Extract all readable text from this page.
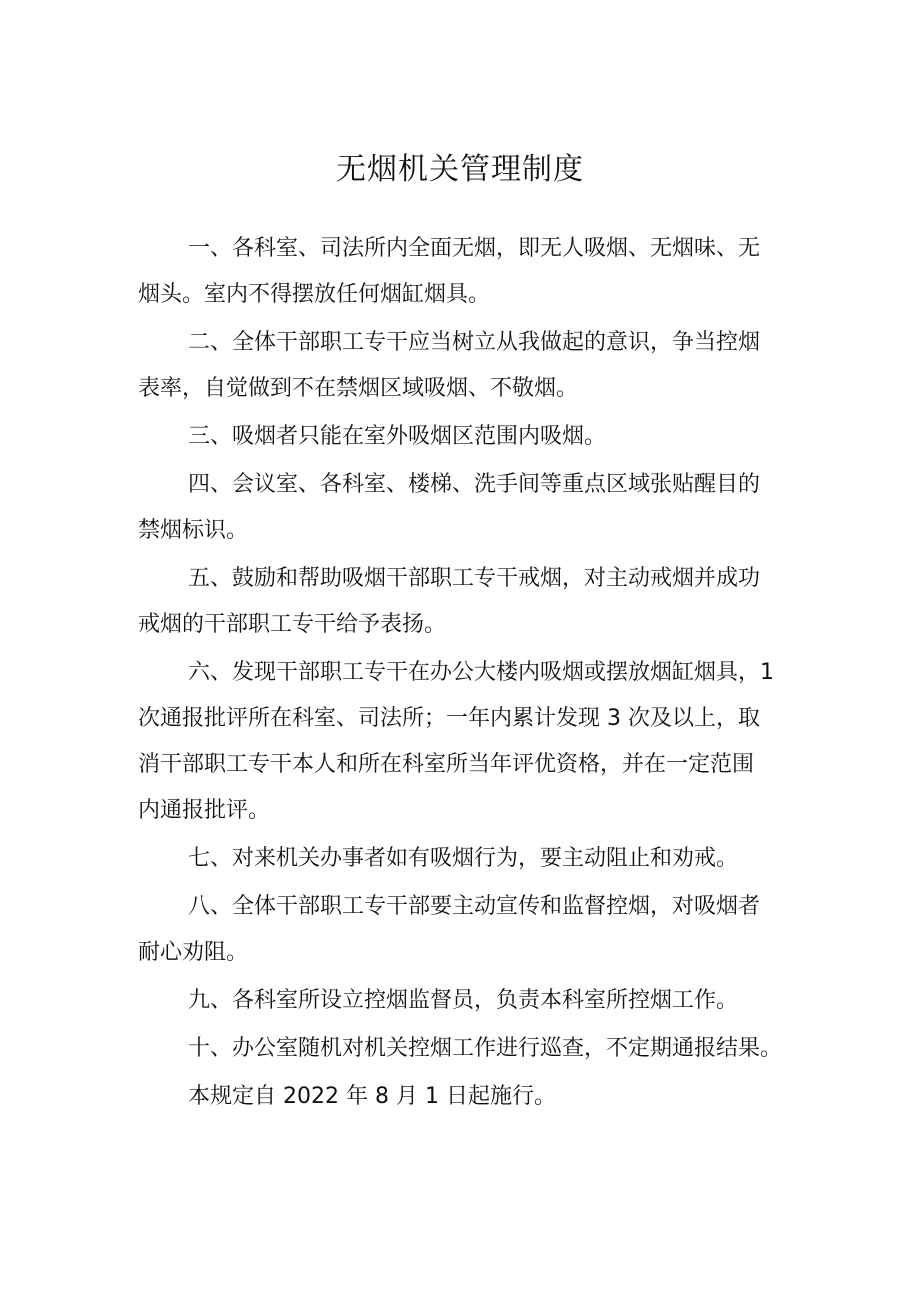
无烟机关管理制度

一、各科室、司法所内全面无烟，即无人吸烟、无烟味、无
烟头。室内不得摆放任何烟缸烟具。

二、全体干部职工专干应当树立从我做起的意识，争当控烟
表率，自觉做到不在禁烟区域吸烟、不敬烟。

三、吸烟者只能在室外吸烟区范围内吸烟。

四、会议室、各科室、楼梯、洗手间等重点区域张贴醒目的
禁烟标识。

五、鼓励和帮助吸烟干部职工专干戒烟，对主动戒烟并成功
戒烟的干部职工专干给予表扬。

六、发现干部职工专干在办公大楼内吸烟或摆放烟缸烟具，1
次通报批评所在科室、司法所；一年内累计发现 3 次及以上，取
消干部职工专干本人和所在科室所当年评优资格，并在一定范围
内通报批评。

七、对来机关办事者如有吸烟行为，要主动阻止和劝戒。

八、全体干部职工专干部要主动宣传和监督控烟，对吸烟者
耐心劝阻。

九、各科室所设立控烟监督员，负责本科室所控烟工作。

十、办公室随机对机关控烟工作进行巡查，不定期通报结果。

本规定自 2022 年 8 月 1 日起施行。
